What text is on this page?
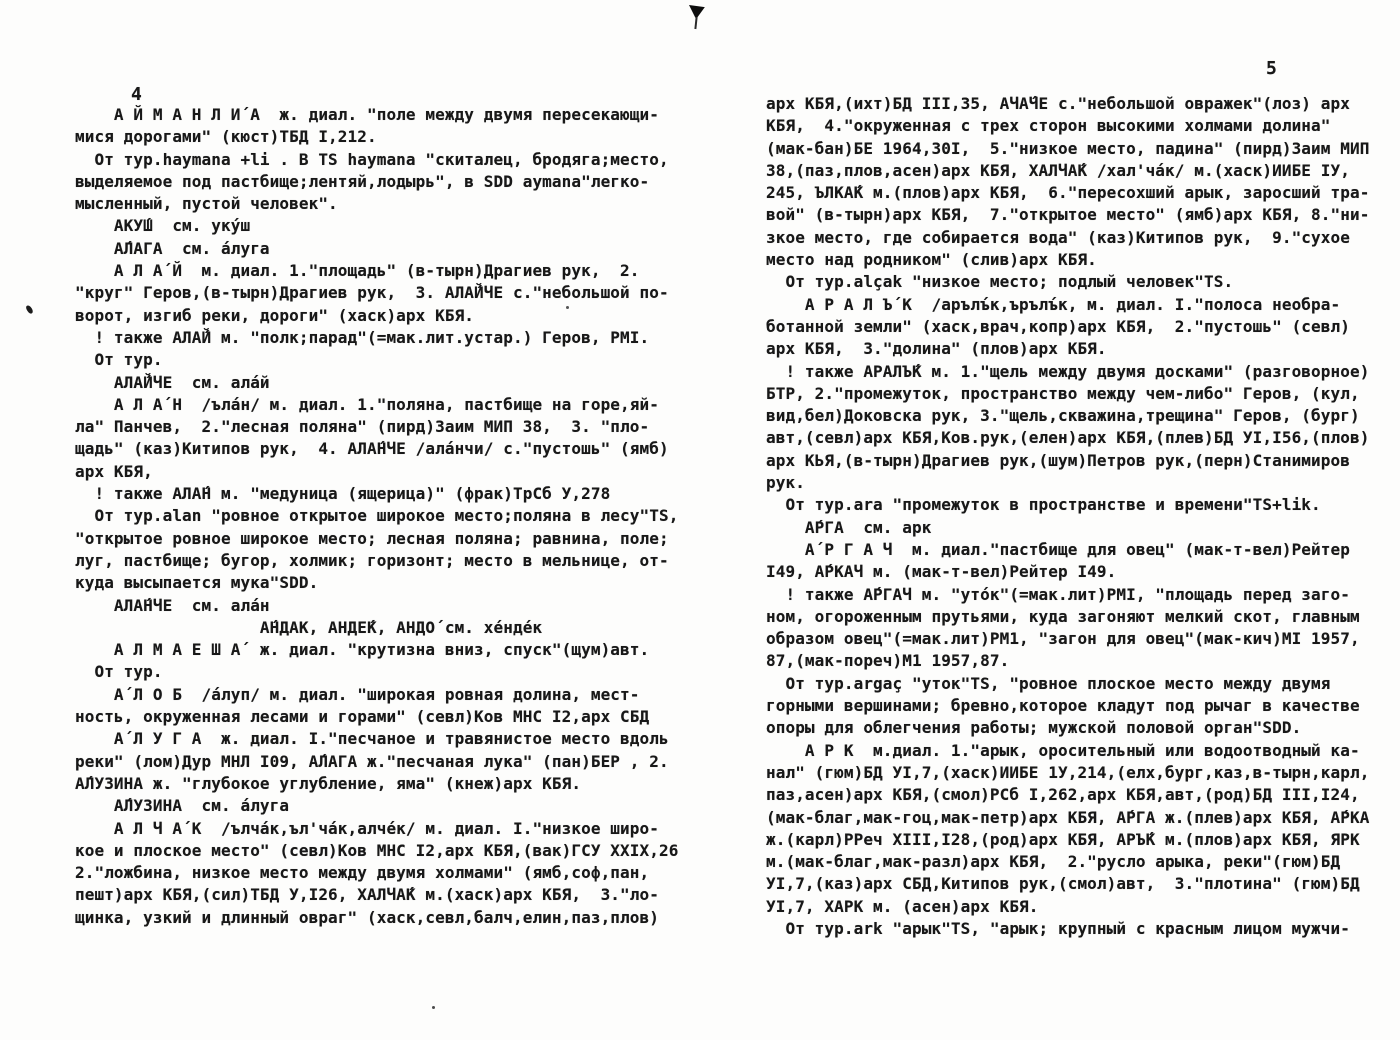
4
5
А Й М А Н Л И́ А  ж. диал. "поле между двумя пересекающи-
мися дорогами" (кюст)ТБД I,212.
От тур.haymana +li . В TS haymana "скиталец, бродяга;место,
выделяемое под пастбище;лентяй,лодырь", в SDD aymana"легко-
мысленный, пустой человек".
АКУ́Ш  см. уку́ш
А́ЛАГА  см. а́луга
А Л А́ Й  м. диал. 1."площадь" (в-тырн)Драгиев рук,  2.
"круг" Геров,(в-тырн)Драгиев рук,  3. АЛА́ЙЧЕ с."небольшой по-
ворот, изгиб реки, дороги" (хаск)арх КБЯ.
! также АЛА́Й м. "полк;парад"(=мак.лит.устар.) Геров, РМI.
От тур.
АЛА́ЙЧЕ  см. ала́й
А Л А́ Н  /ъла́н/ м. диал. 1."поляна, пастбище на горе,яй-
ла" Панчев,  2."лесная поляна" (пирд)Заим МИП 38,  3. "пло-
щадь" (каз)Китипов рук,  4. АЛА́НЧЕ /ала́нчи/ с."пустошь" (ямб)
арх КБЯ,
! также АЛА́Н м. "медуница (ящерица)" (фрак)ТрСб У,278
От тур.alan "ровное открытое широкое место;поляна в лесу"TS,
"открытое ровное широкое место; лесная поляна; равнина, поле;
луг, пастбище; бугор, холмик; горизонт; место в мельнице, от-
куда высыпается мука"SDD.
АЛА́НЧЕ  см. ала́н
А́НДАК, АНДЕ́К, АНДО́ см. хе́нде́к
А Л М А Е Ш А́  ж. диал. "крутизна вниз, спуск"(щум)авт.
От тур.
А́ Л О Б  /а́луп/ м. диал. "широкая ровная долина, мест-
ность, окруженная лесами и горами" (севл)Ков МНС I2,арх СБД
А́ Л У Г А  ж. диал. I."песчаное и травянистое место вдоль
реки" (лом)Дур МНЛ I09, А́ЛАГА ж."песчаная лука" (пан)БЕР , 2.
А́ЛУЗИНА ж. "глубокое углубление, яма" (кнеж)арх КБЯ.
А́ЛУЗИНА  см. а́луга
А Л Ч А́ К  /ълча́к,ъл'ча́к,алче́к/ м. диал. I."низкое широ-
кое и плоское место" (севл)Ков МНС I2,арх КБЯ,(вак)ГСУ XXIX,26
2."ложбина, низкое место между двумя холмами" (ямб,соф,пан,
пешт)арх КБЯ,(сил)ТБД У,I26, ХАЛЧА́К м.(хаск)арх КБЯ,  3."ло-
щинка, узкий и длинный овраг" (хаск,севл,балч,елин,паз,плов)
арх КБЯ,(ихт)БД III,35, АЧА́ЧЕ с."небольшой овражек"(лоз) арх
КБЯ,  4."окруженная с трех сторон высокими холмами долина"
(мак-бан)БЕ 1964,30I,  5."низкое место, падина" (пирд)Заим МИП
38,(паз,плов,асен)арх КБЯ, ХАЛЧА́К /хал'ча́к/ м.(хаск)ИИБЕ IУ,
245, ЪЛКА́К м.(плов)арх КБЯ,  6."пересохший арык, заросший тра-
вой" (в-тырн)арх КБЯ,  7."открытое место" (ямб)арх КБЯ, 8."ни-
зкое место, где собирается вода" (каз)Китипов рук,  9."сухое
место над родником" (слив)арх КБЯ.
От тур.alçak "низкое место; подлый человек"TS.
А Р А Л Ъ́ К  /арълъ́к,ърълъ́к, м. диал. I."полоса необра-
ботанной земли" (хаск,врач,копр)арх КБЯ,  2."пустошь" (севл)
арх КБЯ,  3."долина" (плов)арх КБЯ.
! также АРАЛЪ́К м. 1."щель между двумя досками" (разговорное)
БТР, 2."промежуток, пространство между чем-либо" Геров, (кул,
вид,бел)Доковска рук, 3."щель,скважина,трещина" Геров, (бург)
авт,(севл)арх КБЯ,Ков.рук,(елен)арх КБЯ,(плев)БД УI,I56,(плов)
арх КЬЯ,(в-тырн)Драгиев рук,(шум)Петров рук,(перн)Станимиров
рук.
От тур.ara "промежуток в пространстве и времени"TS+lik.
А́РГА  см. арк
А́ Р Г А Ч  м. диал."пастбище для овец" (мак-т-вел)Рейтер
I49, А́РКАЧ м. (мак-т-вел)Рейтер I49.
! также А́РГАЧ м. "уто́к"(=мак.лит)РМI, "площадь перед заго-
ном, огороженным прутьями, куда загоняют мелкий скот, главным
образом овец"(=мак.лит)РМ1, "загон для овец"(мак-кич)МI 1957,
87,(мак-пореч)М1 1957,87.
От тур.argaç "уток"TS, "ровное плоское место между двумя
горными вершинами; бревно,которое кладут под рычаг в качестве
опоры для облегчения работы; мужской половой орган"SDD.
А Р К  м.диал. 1."арык, оросительный или водоотводный ка-
нал" (гюм)БД УI,7,(хаск)ИИБЕ 1У,214,(елх,бург,каз,в-тырн,карл,
паз,асен)арх КБЯ,(смол)РСб I,262,арх КБЯ,авт,(род)БД III,I24,
(мак-благ,мак-гоц,мак-петр)арх КБЯ, А́РГА ж.(плев)арх КБЯ, А́РКА
ж.(карл)РРеч XIII,I28,(род)арх КБЯ, АРЪ́К м.(плов)арх КБЯ, ЯРК
м.(мак-благ,мак-разл)арх КБЯ,  2."русло арыка, реки"(гюм)БД
УI,7,(каз)арх СБД,Китипов рук,(смол)авт,  3."плотина" (гюм)БД
УI,7, ХАРК м. (асен)арх КБЯ.
От тур.ark "арык"TS, "арык; крупный с красным лицом мужчи-
